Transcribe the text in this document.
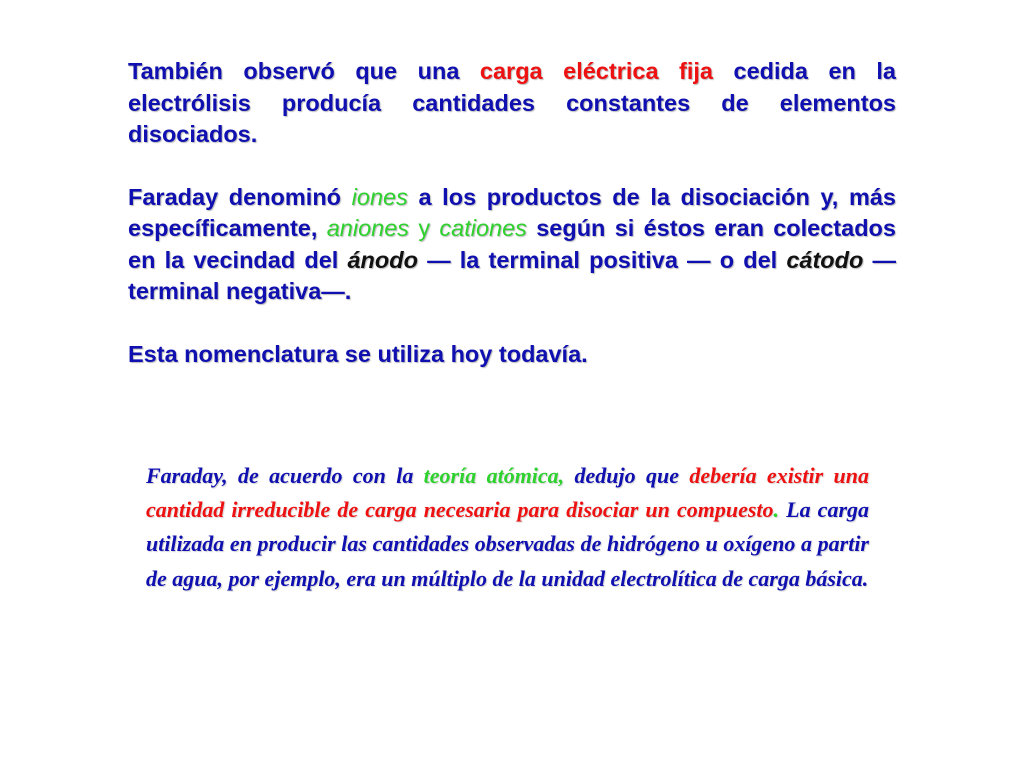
También observó que una carga eléctrica fija cedida en la electrólisis producía cantidades constantes de elementos disociados.

Faraday denominó iones a los productos de la disociación y, más específicamente, aniones y cationes según si éstos eran colectados en la vecindad del ánodo — la terminal positiva — o del cátodo — terminal negativa—.

Esta nomenclatura se utiliza hoy todavía.

Faraday, de acuerdo con la teoría atómica, dedujo que debería existir una cantidad irreducible de carga necesaria para disociar un compuesto. La carga utilizada en producir las cantidades observadas de hidrógeno u oxígeno a partir de agua, por ejemplo, era un múltiplo de la unidad electrolítica de carga básica.
